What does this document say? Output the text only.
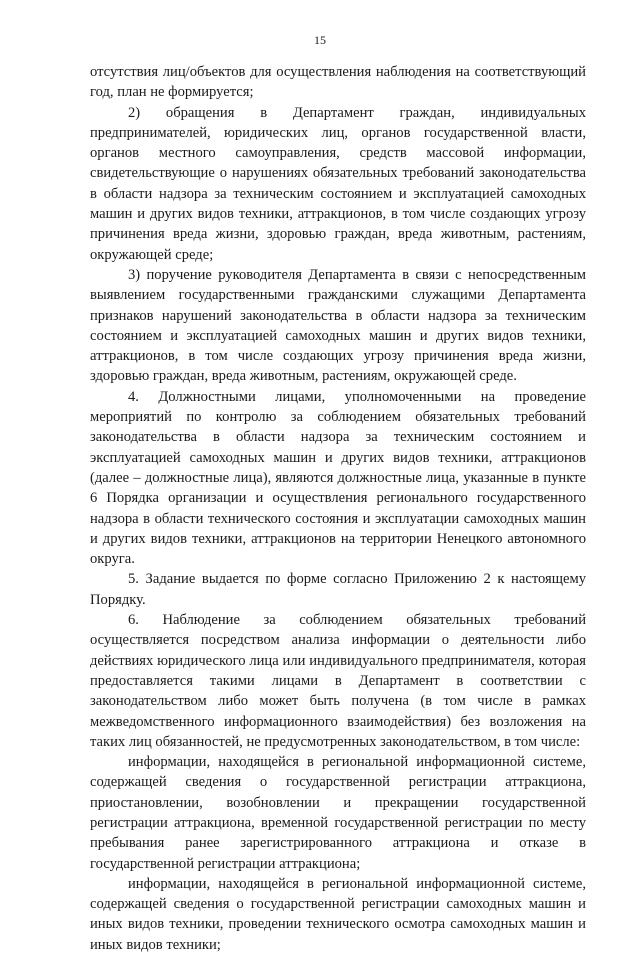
15

отсутствия лиц/объектов для осуществления наблюдения на соответствующий год, план не формируется;

2) обращения в Департамент граждан, индивидуальных предпринимателей, юридических лиц, органов государственной власти, органов местного самоуправления, средств массовой информации, свидетельствующие о нарушениях обязательных требований законодательства в области надзора за техническим состоянием и эксплуатацией самоходных машин и других видов техники, аттракционов, в том числе создающих угрозу причинения вреда жизни, здоровью граждан, вреда животным, растениям, окружающей среде;

3) поручение руководителя Департамента в связи с непосредственным выявлением государственными гражданскими служащими Департамента признаков нарушений законодательства в области надзора за техническим состоянием и эксплуатацией самоходных машин и других видов техники, аттракционов, в том числе создающих угрозу причинения вреда жизни, здоровью граждан, вреда животным, растениям, окружающей среде.

4. Должностными лицами, уполномоченными на проведение мероприятий по контролю за соблюдением обязательных требований законодательства в области надзора за техническим состоянием и эксплуатацией самоходных машин и других видов техники, аттракционов (далее – должностные лица), являются должностные лица, указанные в пункте 6 Порядка организации и осуществления регионального государственного надзора в области технического состояния и эксплуатации самоходных машин и других видов техники, аттракционов на территории Ненецкого автономного округа.

5. Задание выдается по форме согласно Приложению 2 к настоящему Порядку.

6. Наблюдение за соблюдением обязательных требований осуществляется посредством анализа информации о деятельности либо действиях юридического лица или индивидуального предпринимателя, которая предоставляется такими лицами в Департамент в соответствии с законодательством либо может быть получена (в том числе в рамках межведомственного информационного взаимодействия) без возложения на таких лиц обязанностей, не предусмотренных законодательством, в том числе:

информации, находящейся в региональной информационной системе, содержащей сведения о государственной регистрации аттракциона, приостановлении, возобновлении и прекращении государственной регистрации аттракциона, временной государственной регистрации по месту пребывания ранее зарегистрированного аттракциона и отказе в государственной регистрации аттракциона;

информации, находящейся в региональной информационной системе, содержащей сведения о государственной регистрации самоходных машин и иных видов техники, проведении технического осмотра самоходных машин и иных видов техники;
